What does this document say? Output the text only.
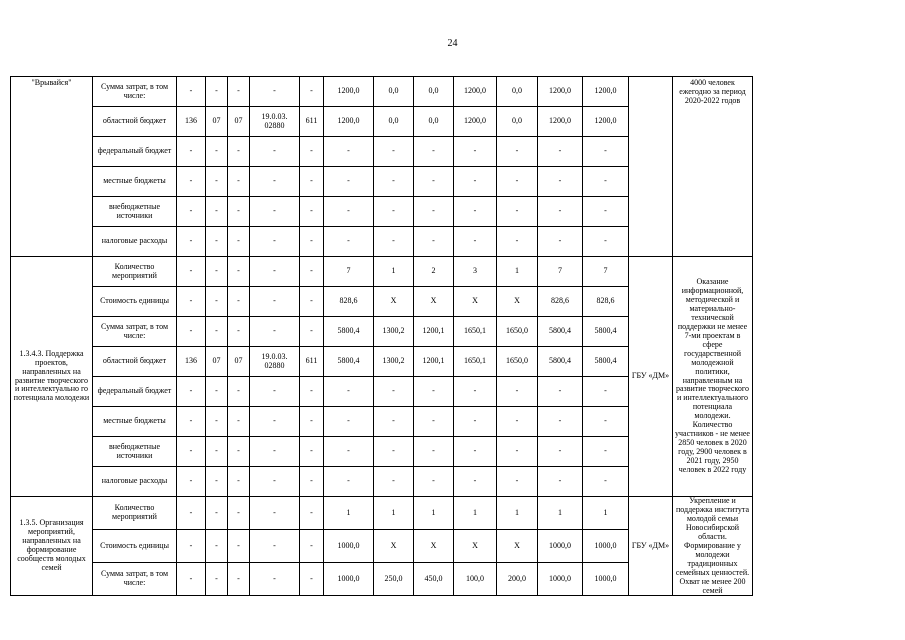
24
"Врывайся"	Сумма затрат, в том числе:	-	-	-	-	-	1200,0	0,0	0,0	1200,0	0,0	1200,0	1200,0		4000 человек ежегодно за период 2020-2022 годов
	областной бюджет	136	07	07	19.0.03. 02880	611	1200,0	0,0	0,0	1200,0	0,0	1200,0	1200,0		
	федеральный бюджет	-	-	-	-	-	-	-	-	-	-	-	-		
	местные бюджеты	-	-	-	-	-	-	-	-	-	-	-	-		
	внебюджетные источники	-	-	-	-	-	-	-	-	-	-	-	-		
	налоговые расходы	-	-	-	-	-	-	-	-	-	-	-	-		
1.3.4.3. Поддержка проектов, направленных на развитие творческого и интеллектуально го потенциала молодежи	Количество мероприятий	-	-	-	-	-	7	1	2	3	1	7	7	ГБУ «ДМ»	Оказание информационной, методической и материально-технической поддержки не менее 7-ми проектам в сфере государственной молодежной политики, направленным на развитие творческого и интеллектуального потенциала молодежи. Количество участников - не менее 2850 человек в 2020 году, 2900 человек в 2021 году, 2950 человек в 2022 году
	Стоимость единицы	-	-	-	-	-	828,6	X	X	X	X	828,6	828,6		
	Сумма затрат, в том числе:	-	-	-	-	-	5800,4	1300,2	1200,1	1650,1	1650,0	5800,4	5800,4		
	областной бюджет	136	07	07	19.0.03. 02880	611	5800,4	1300,2	1200,1	1650,1	1650,0	5800,4	5800,4		
	федеральный бюджет	-	-	-	-	-	-	-	-	-	-	-	-		
	местные бюджеты	-	-	-	-	-	-	-	-	-	-	-	-		
	внебюджетные источники	-	-	-	-	-	-	-	-	-	-	-	-		
	налоговые расходы	-	-	-	-	-	-	-	-	-	-	-	-		
1.3.5. Организация мероприятий, направленных на формирование сообществ молодых семей	Количество мероприятий	-	-	-	-	-	1	1	1	1	1	1	1	ГБУ «ДМ»	Укрепление и поддержка института молодой семьи Новосибирской области. Формирование у молодежи традиционных семейных ценностей. Охват не менее 200 семей
	Стоимость единицы	-	-	-	-	-	1000,0	X	X	X	X	1000,0	1000,0		
	Сумма затрат, в том числе:	-	-	-	-	-	1000,0	250,0	450,0	100,0	200,0	1000,0	1000,0		
